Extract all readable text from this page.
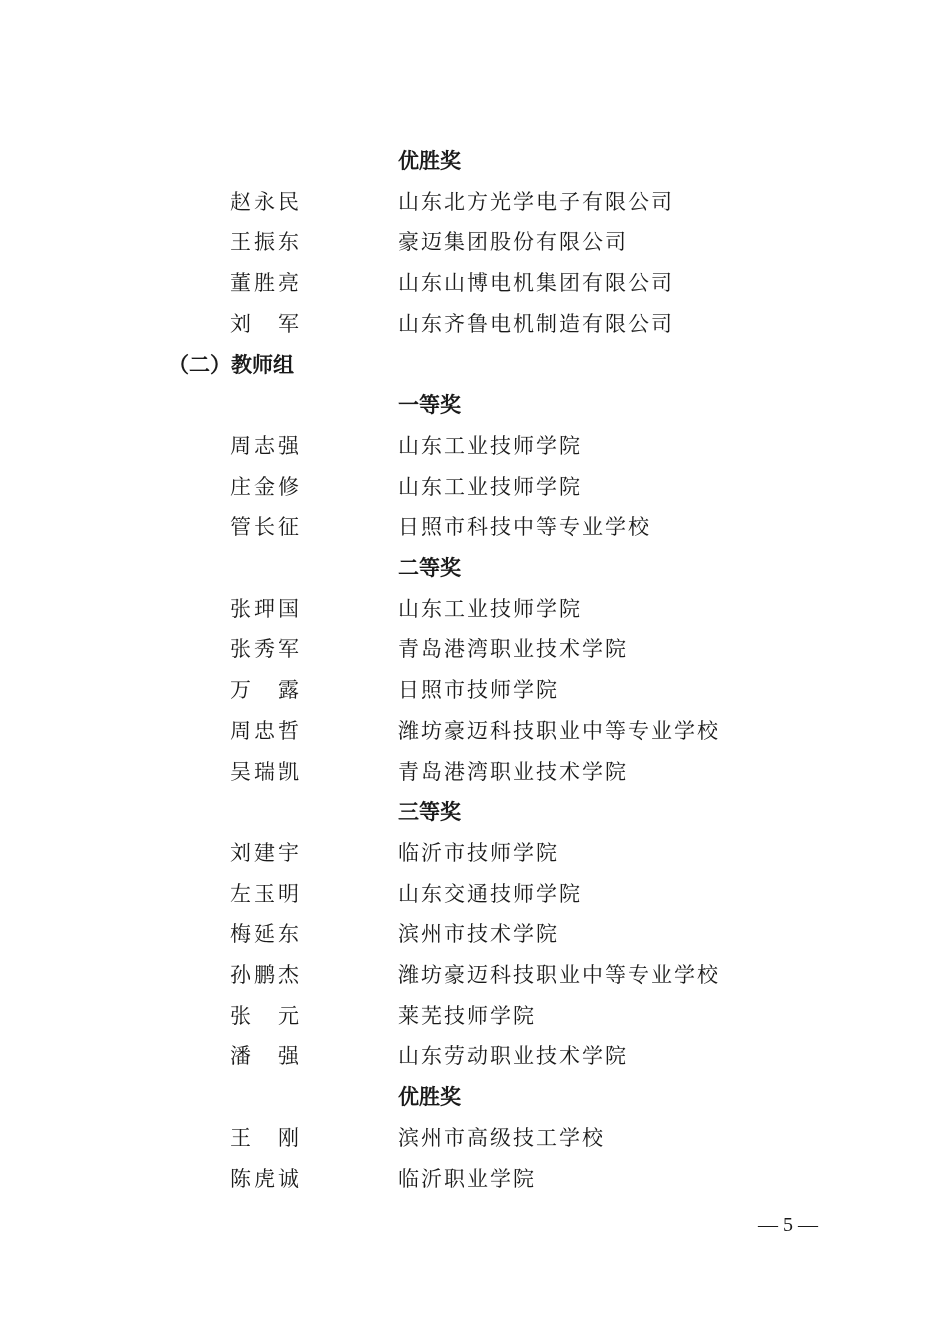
优胜奖
赵永民	山东北方光学电子有限公司
王振东	豪迈集团股份有限公司
董胜亮	山东山博电机集团有限公司
刘　军	山东齐鲁电机制造有限公司
（二）教师组
一等奖
周志强	山东工业技师学院
庄金修	山东工业技师学院
管长征	日照市科技中等专业学校
二等奖
张玾国	山东工业技师学院
张秀军	青岛港湾职业技术学院
万　露	日照市技师学院
周忠哲	潍坊豪迈科技职业中等专业学校
吴瑞凯	青岛港湾职业技术学院
三等奖
刘建宇	临沂市技师学院
左玉明	山东交通技师学院
梅延东	滨州市技术学院
孙鹏杰	潍坊豪迈科技职业中等专业学校
张　元	莱芜技师学院
潘　强	山东劳动职业技术学院
优胜奖
王　刚	滨州市高级技工学校
陈虎诚	临沂职业学院
— 5 —
